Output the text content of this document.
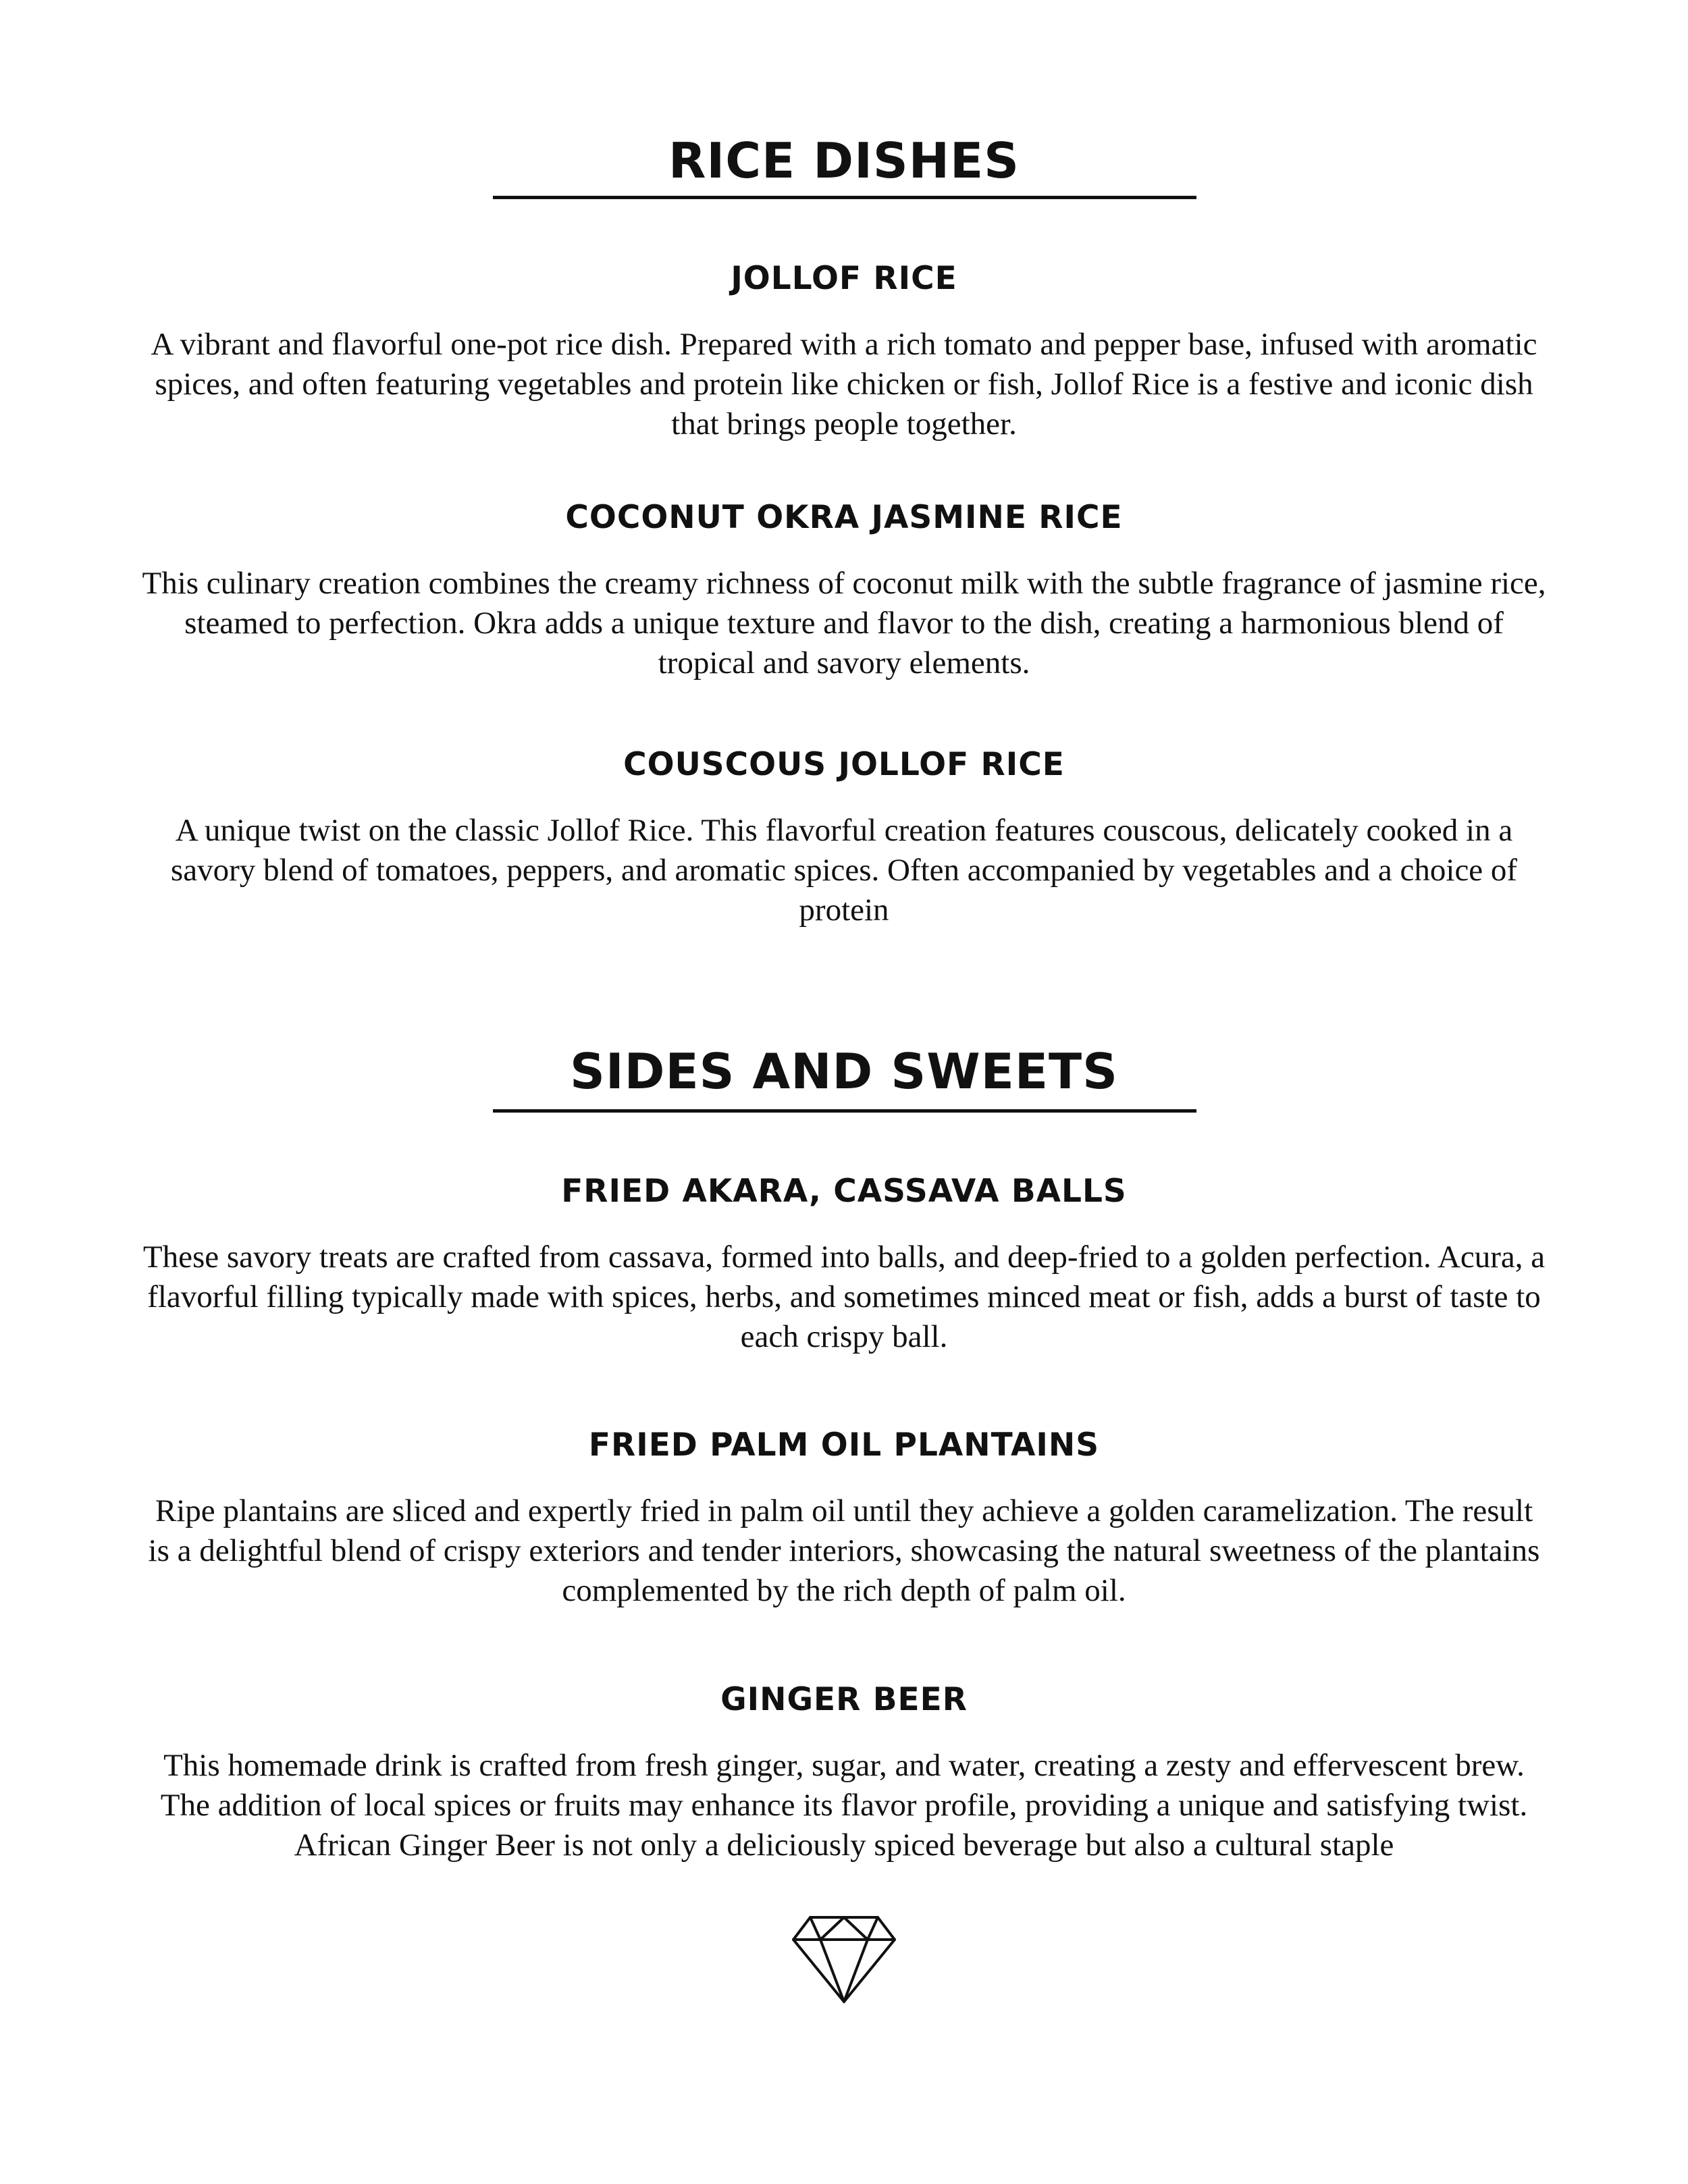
RICE DISHES
JOLLOF RICE

A vibrant and flavorful one-pot rice dish. Prepared with a rich tomato and pepper base, infused with aromatic spices, and often featuring vegetables and protein like chicken or fish, Jollof Rice is a festive and iconic dish that brings people together.

COCONUT OKRA JASMINE RICE

This culinary creation combines the creamy richness of coconut milk with the subtle fragrance of jasmine rice, steamed to perfection. Okra adds a unique texture and flavor to the dish, creating a harmonious blend of tropical and savory elements.

COUSCOUS JOLLOF RICE

A unique twist on the classic Jollof Rice. This flavorful creation features couscous, delicately cooked in a savory blend of tomatoes, peppers, and aromatic spices. Often accompanied by vegetables and a choice of protein

SIDES AND SWEETS
FRIED AKARA, CASSAVA BALLS

These savory treats are crafted from cassava, formed into balls, and deep-fried to a golden perfection. Acura, a flavorful filling typically made with spices, herbs, and sometimes minced meat or fish, adds a burst of taste to each crispy ball.

FRIED PALM OIL PLANTAINS

Ripe plantains are sliced and expertly fried in palm oil until they achieve a golden caramelization. The result is a delightful blend of crispy exteriors and tender interiors, showcasing the natural sweetness of the plantains complemented by the rich depth of palm oil.

GINGER BEER

This homemade drink is crafted from fresh ginger, sugar, and water, creating a zesty and effervescent brew. The addition of local spices or fruits may enhance its flavor profile, providing a unique and satisfying twist. African Ginger Beer is not only a deliciously spiced beverage but also a cultural staple
